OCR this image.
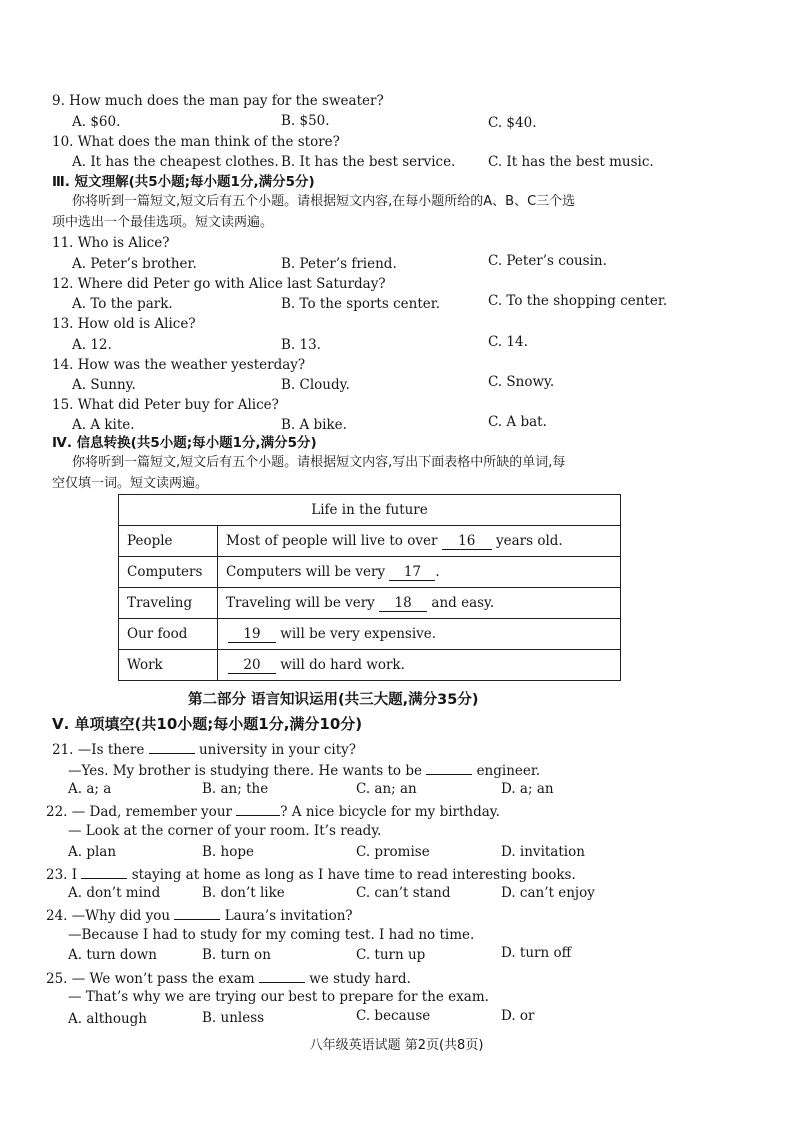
9. How much does the man pay for the sweater?
A. $60.	B. $50.	C. $40.
10. What does the man think of the store?
A. It has the cheapest clothes. B. It has the best service. C. It has the best music.
Ⅲ. 短文理解(共5小题;每小题1分,满分5分)
你将听到一篇短文,短文后有五个小题。请根据短文内容,在每小题所给的A、B、C三个选
项中选出一个最佳选项。短文读两遍。
11. Who is Alice?
A. Peter’s brother.	B. Peter’s friend.	C. Peter’s cousin.
12. Where did Peter go with Alice last Saturday?
A. To the park.	B. To the sports center.	C. To the shopping center.
13. How old is Alice?
A. 12.	B. 13.	C. 14.
14. How was the weather yesterday?
A. Sunny.	B. Cloudy.	C. Snowy.
15. What did Peter buy for Alice?
A. A kite.	B. A bike.	C. A bat.
Ⅳ. 信息转换(共5小题;每小题1分,满分5分)
你将听到一篇短文,短文后有五个小题。请根据短文内容,写出下面表格中所缺的单词,每
空仅填一词。短文读两遍。
Life in the future	
People	Most of people will live to over 16 years old.
Computers	Computers will be very 17 .
Traveling	Traveling will be very 18 and easy.
Our food	19 will be very expensive.
Work	20 will do hard work.
第二部分 语言知识运用(共三大题,满分35分)
Ⅴ. 单项填空(共10小题;每小题1分,满分10分)
21. —Is there	university in your city?
—Yes. My brother is studying there. He wants to be	engineer.
A. a; a	B. an; the	C. an; an	D. a; an
22. — Dad, remember your	? A nice bicycle for my birthday.
— Look at the corner of your room. It’s ready.
A. plan	B. hope	C. promise	D. invitation
23. I	staying at home as long as I have time to read interesting books.
A. don’t mind	B. don’t like	C. can’t stand	D. can’t enjoy
24. —Why did you	Laura’s invitation?
—Because I had to study for my coming test. I had no time.
A. turn down	B. turn on	C. turn up	D. turn off
25. — We won’t pass the exam	we study hard.
— That’s why we are trying our best to prepare for the exam.
A. although	B. unless	C. because	D. or
八年级英语试题 第2页(共8页)
